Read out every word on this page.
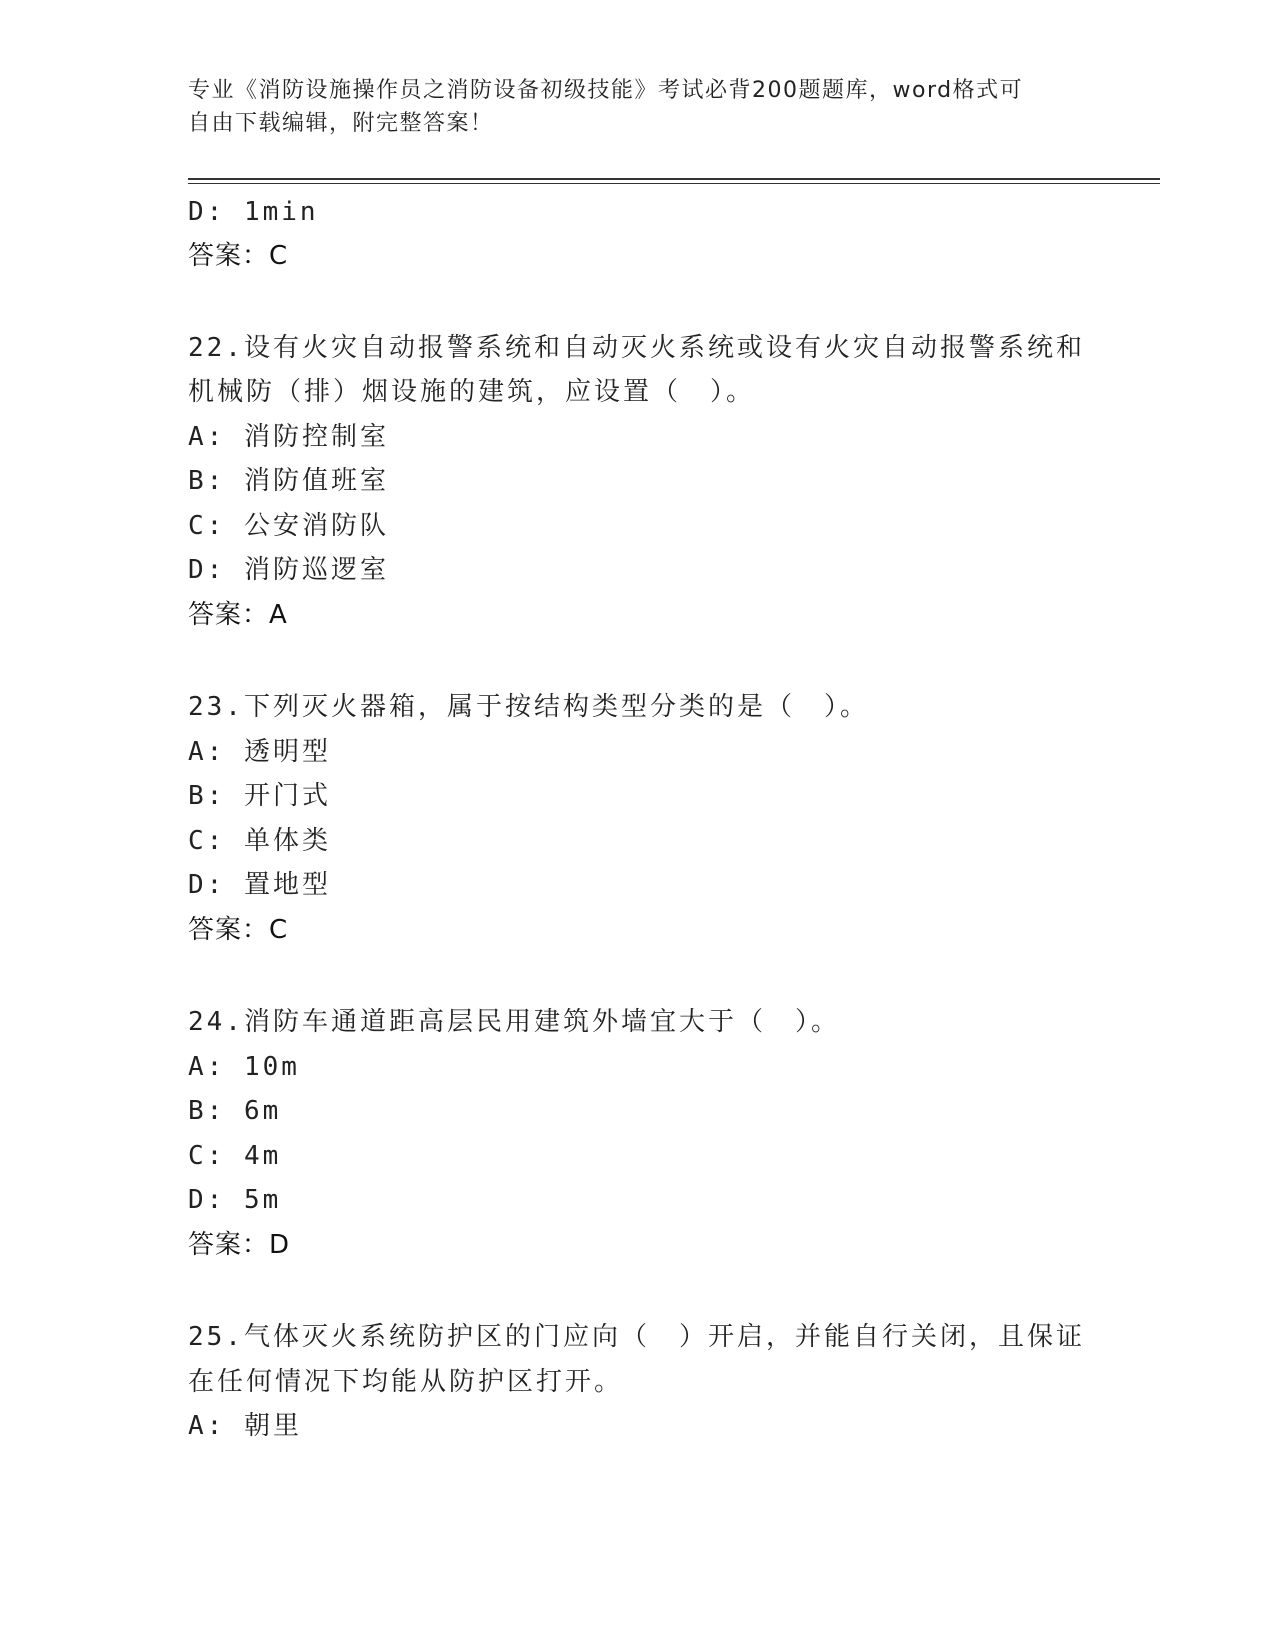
专业《消防设施操作员之消防设备初级技能》考试必背200题题库，word格式可
自由下载编辑，附完整答案！
D: 1min
答案：C
22.设有火灾自动报警系统和自动灭火系统或设有火灾自动报警系统和
机械防（排）烟设施的建筑，应设置（　）。
A: 消防控制室
B: 消防值班室
C: 公安消防队
D: 消防巡逻室
答案：A
23.下列灭火器箱，属于按结构类型分类的是（　）。
A: 透明型
B: 开门式
C: 单体类
D: 置地型
答案：C
24.消防车通道距高层民用建筑外墙宜大于（　）。
A: 10m
B: 6m
C: 4m
D: 5m
答案：D
25.气体灭火系统防护区的门应向（　）开启，并能自行关闭，且保证
在任何情况下均能从防护区打开。
A: 朝里
